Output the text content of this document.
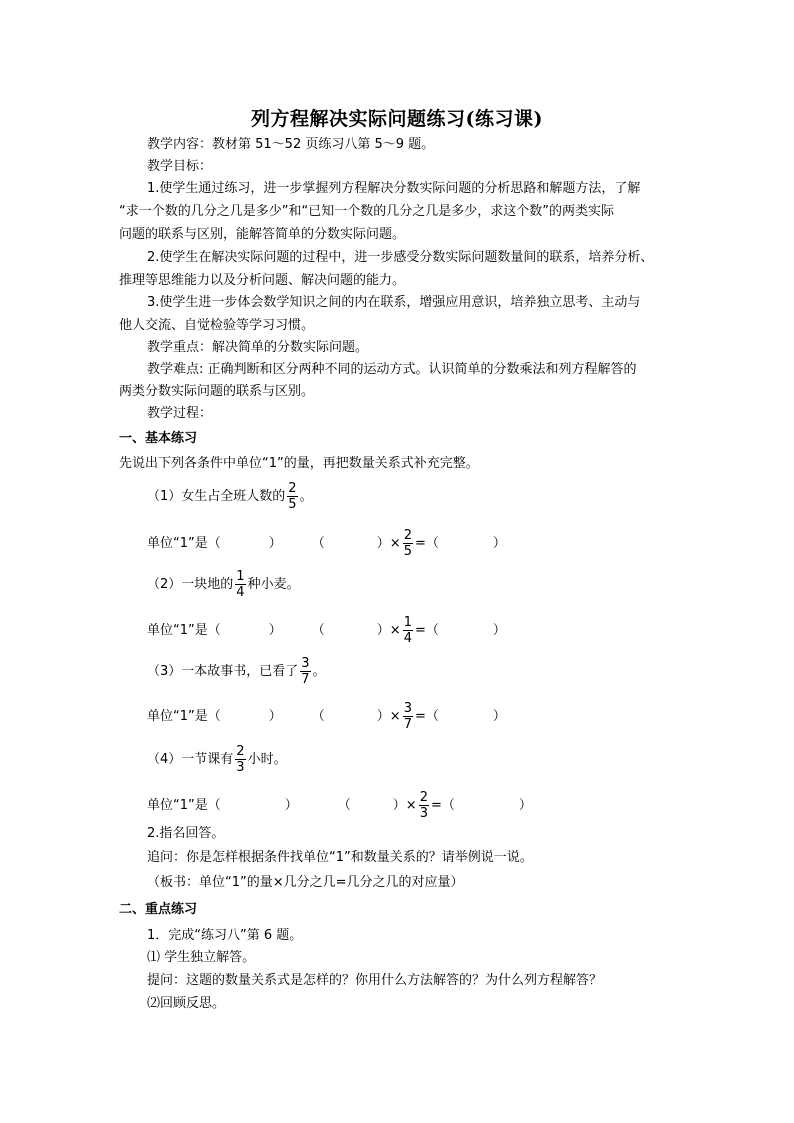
列方程解决实际问题练习(练习课)
教学内容：教材第 51～52 页练习八第 5～9 题。
教学目标：
1.使学生通过练习，进一步掌握列方程解决分数实际问题的分析思路和解题方法，了解
“求一个数的几分之几是多少”和“已知一个数的几分之几是多少，求这个数”的两类实际
问题的联系与区别，能解答简单的分数实际问题。
2.使学生在解决实际问题的过程中，进一步感受分数实际问题数量间的联系，培养分析、
推理等思维能力以及分析问题、解决问题的能力。
3.使学生进一步体会数学知识之间的内在联系，增强应用意识，培养独立思考、主动与
他人交流、自觉检验等学习习惯。
教学重点：解决简单的分数实际问题。
教学难点: 正确判断和区分两种不同的运动方式。认识简单的分数乘法和列方程解答的
两类分数实际问题的联系与区别。
教学过程：
一、基本练习
先说出下列各条件中单位“1”的量，再把数量关系式补充完整。
（1）女生占全班人数的 $\frac{2}{5}$ 。
单位“1”是（	） （	）× $\frac{2}{5}$ =（	）
（2）一块地的 $\frac{1}{4}$ 种小麦。
单位“1”是（	） （	）× $\frac{1}{4}$ =（	）
（3）一本故事书，已看了 $\frac{3}{7}$ 。
单位“1”是（	） （	）× $\frac{3}{7}$ =（	）
（4）一节课有 $\frac{2}{3}$ 小时。
单位“1”是（	）	（	）× $\frac{2}{3}$ =（	）
2.指名回答。
追问：你是怎样根据条件找单位“1”和数量关系的？请举例说一说。
（板书：单位“1”的量×几分之几=几分之几的对应量）
二、重点练习
1．完成“练习八”第 6 题。
⑴ 学生独立解答。
提问：这题的数量关系式是怎样的？你用什么方法解答的？为什么列方程解答？
⑵回顾反思。
